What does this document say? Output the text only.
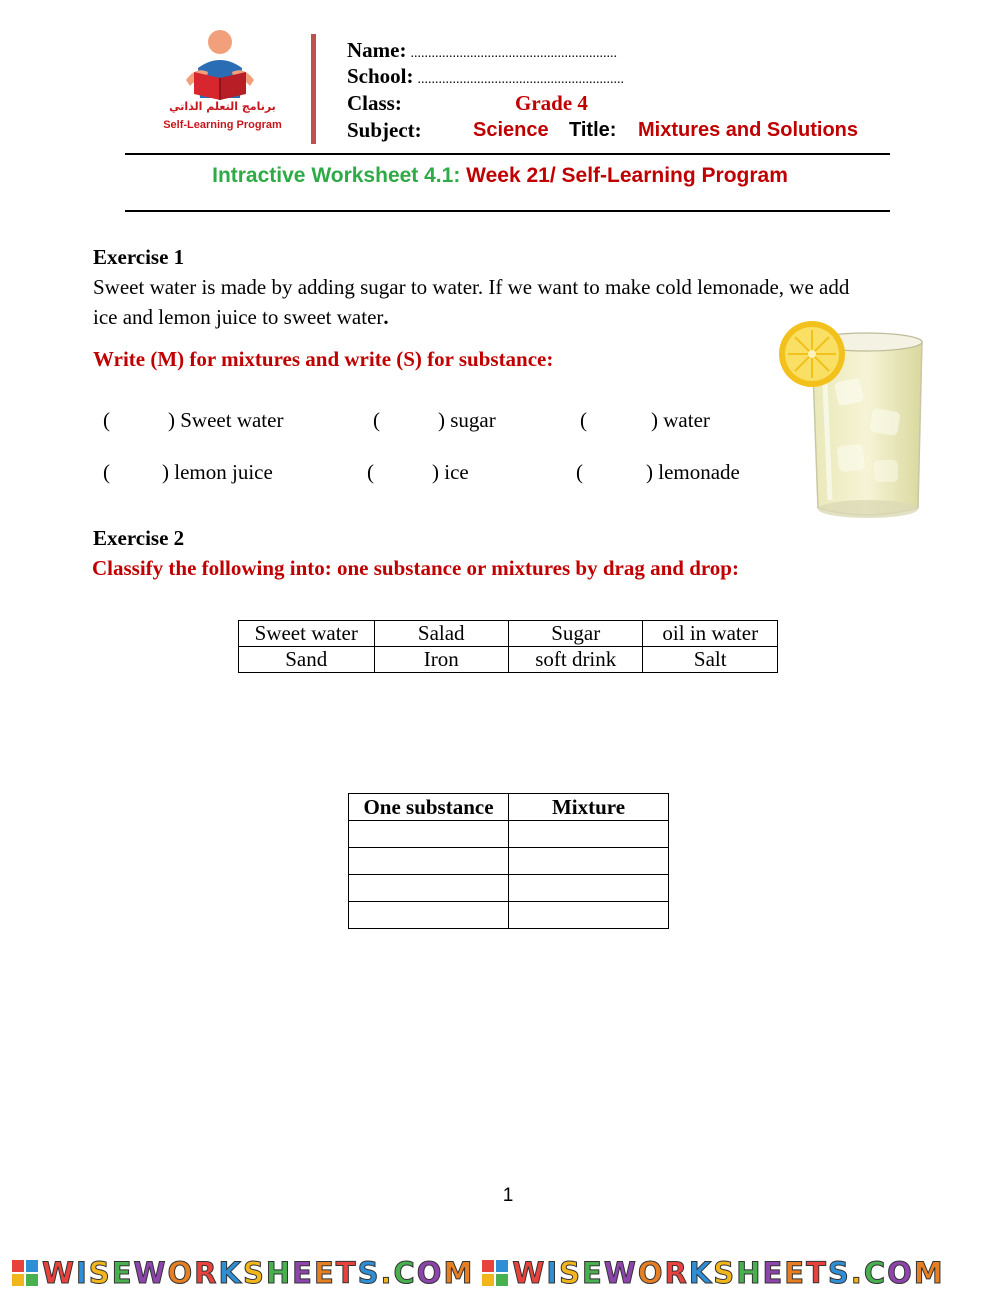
برنامج التعلم الذاتي
Self-Learning Program
Name: ...........................................................
School: ...........................................................
Class:	Grade 4
Subject:	Science Title: Mixtures and Solutions
Intractive Worksheet 4.1: Week 21/ Self-Learning Program
Exercise 1
Sweet water is made by adding sugar to water. If we want to make cold lemonade, we add
ice and lemon juice to sweet water.
Write (M) for mixtures and write (S) for substance:
(	) Sweet water	(	) sugar	(	) water
( ) lemon juice	(	) ice	(	) lemonade
Exercise 2
Classify the following into: one substance or mixtures by drag and drop:
Sweet water	Salad	Sugar	oil in water
Sand	Iron	soft drink	Salt
One substance	Mixture

1
WISEWORKSHEETS.COM WISEWORKSHEETS.COM
